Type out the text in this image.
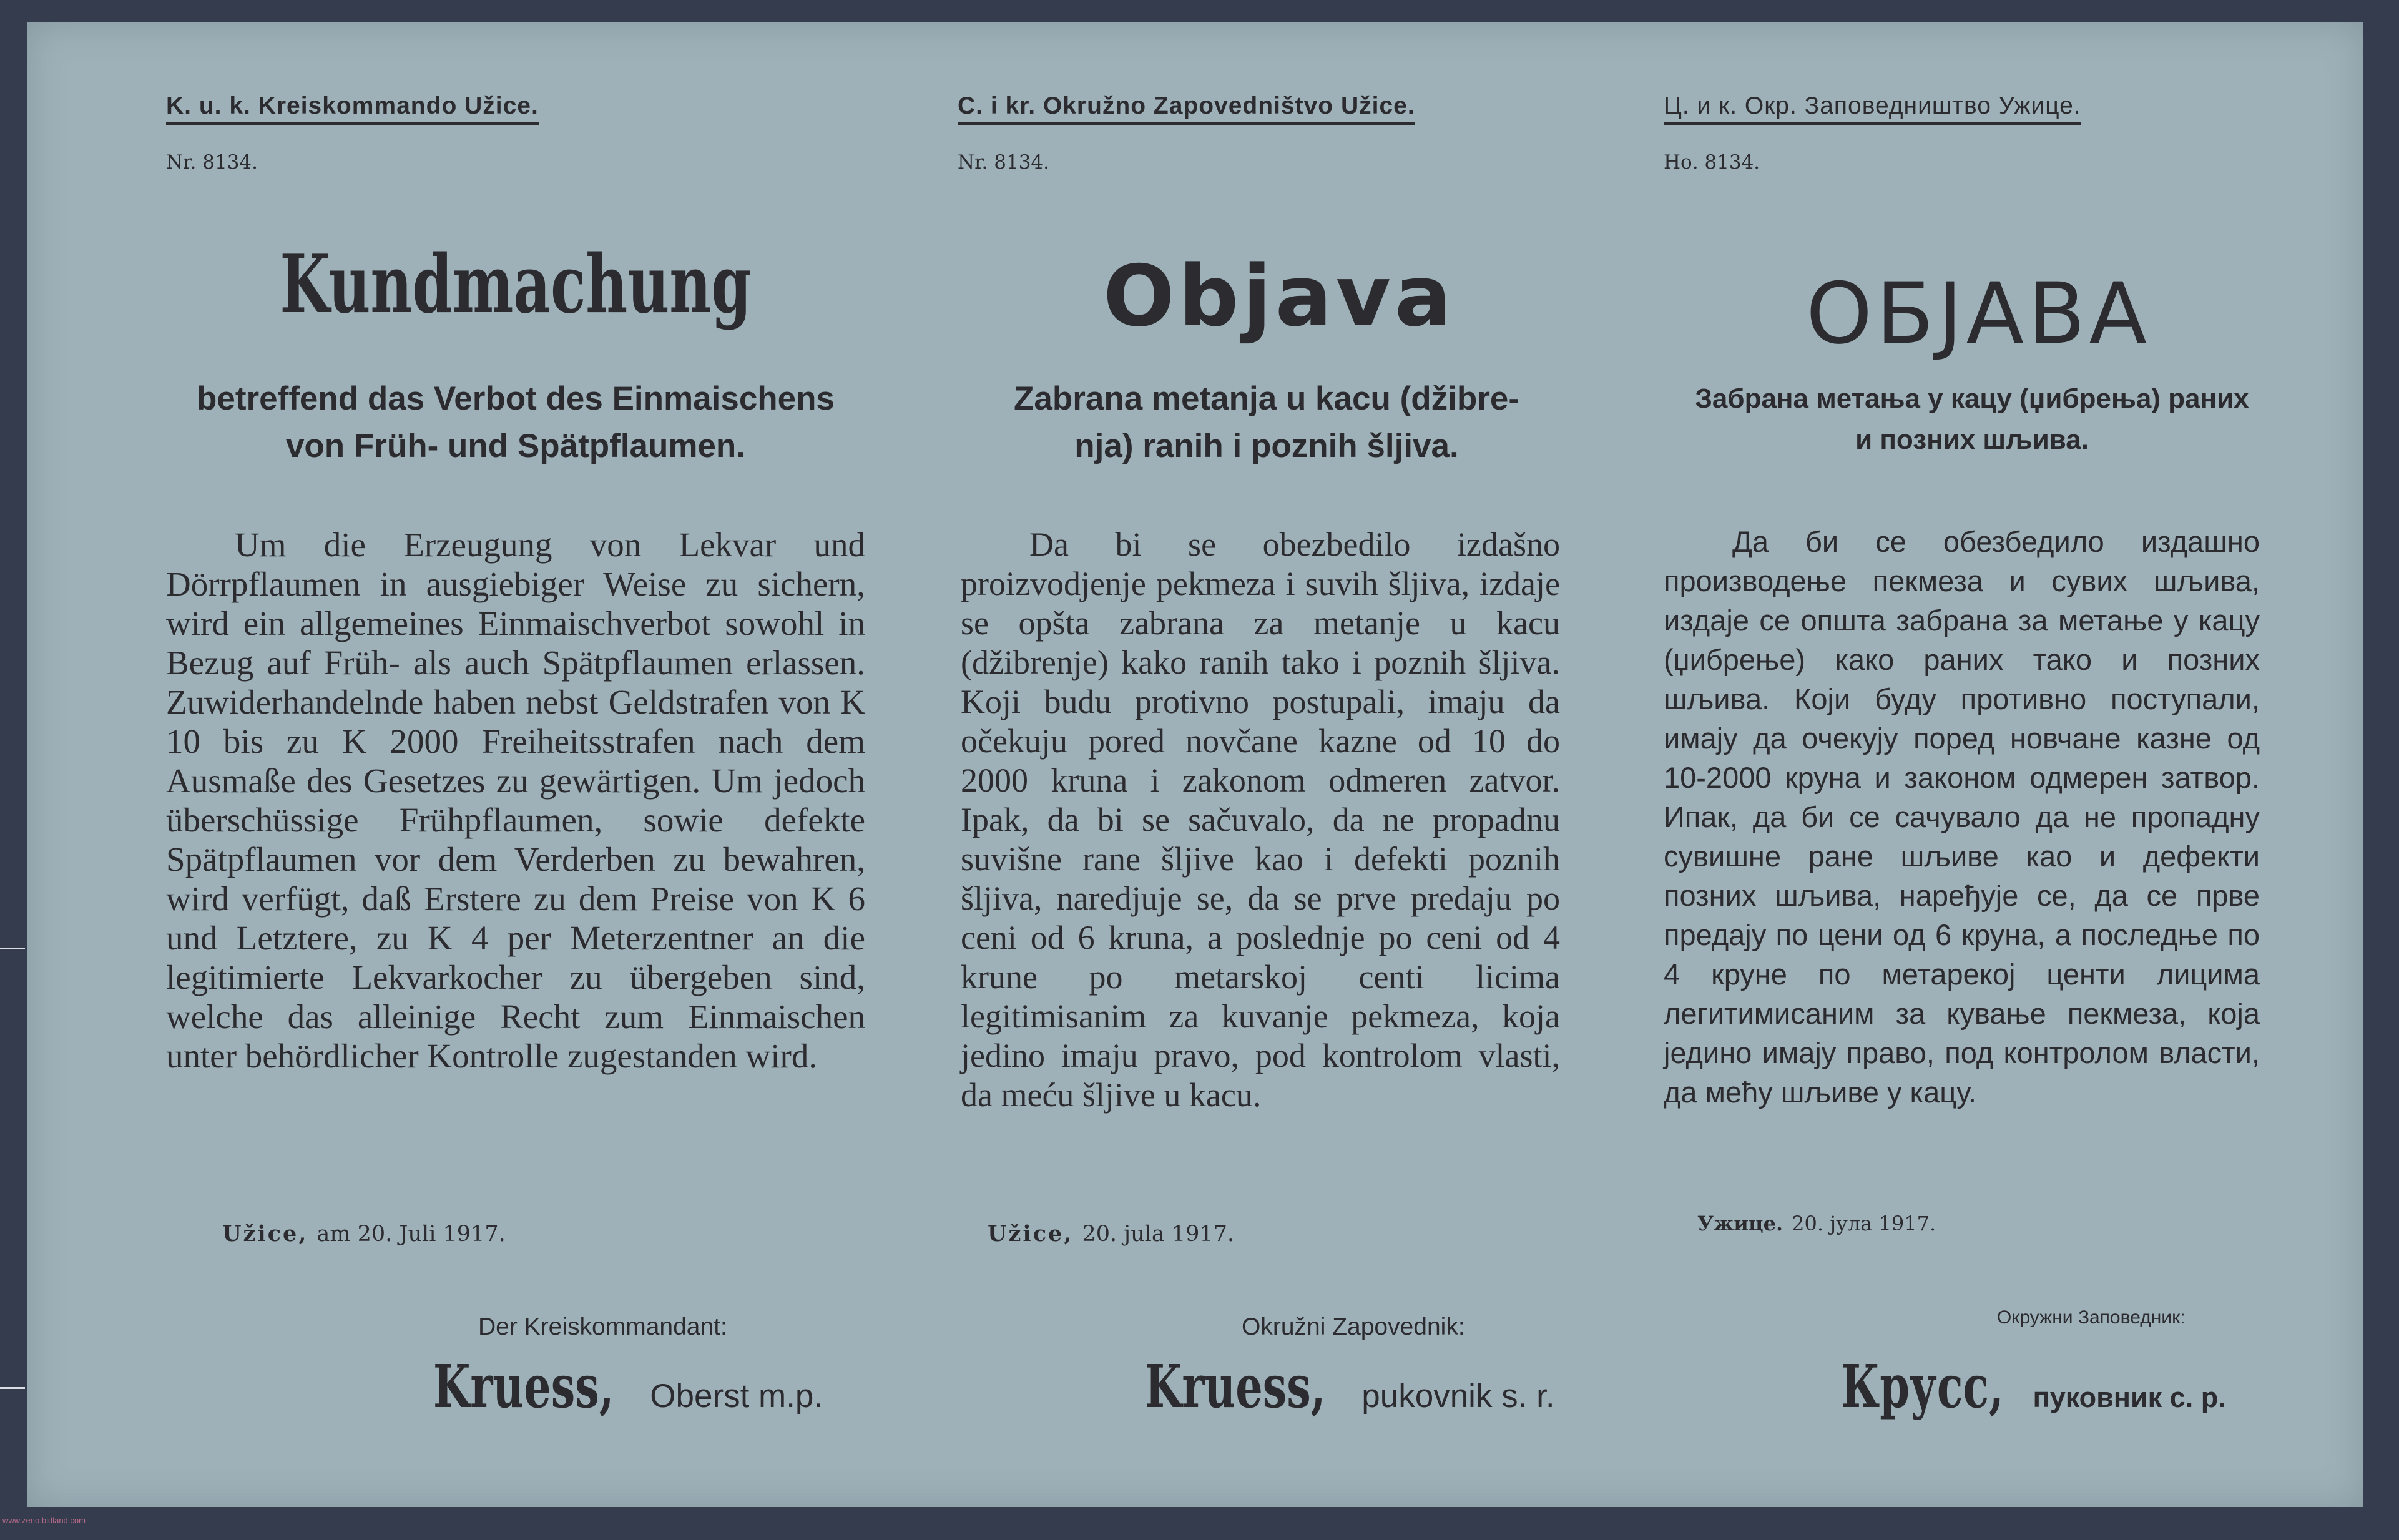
K. u. k. Kreiskommando Užice.
Nr. 8134.
Kundmachung
betreffend das Verbot des Einmaischens
von Früh- und Spätpflaumen.

Um die Erzeugung von Lekvar und Dörrpflaumen in ausgiebiger Weise zu sichern, wird ein allgemeines Einmaischverbot sowohl in Bezug auf Früh- als auch Spätpflaumen erlassen. Zuwiderhandelnde haben nebst Geldstrafen von K 10 bis zu K 2000 Freiheitsstrafen nach dem Ausmaße des Gesetzes zu gewärtigen. Um jedoch überschüssige Frühpflaumen, sowie defekte Spätpflaumen vor dem Verderben zu bewahren, wird verfügt, daß Erstere zu dem Preise von K 6 und Letztere, zu K 4 per Meterzentner an die legitimierte Lekvarkocher zu übergeben sind, welche das alleinige Recht zum Einmaischen unter behördlicher Kontrolle zugestanden wird.

Užice, am 20. Juli 1917.
Der Kreiskommandant:
Kruess, Oberst m.p.
C. i kr. Okružno Zapovedništvo Užice.
Nr. 8134.
Objava
Zabrana metanja u kacu (džibre-
nja) ranih i poznih šljiva.

Da bi se obezbedilo izdašno proizvodjenje pekmeza i suvih šljiva, izdaje se opšta zabrana za metanje u kacu (džibrenje) kako ranih tako i poznih šljiva. Koji budu protivno postupali, imaju da očekuju pored novčane kazne od 10 do 2000 kruna i zakonom odmeren zatvor. Ipak, da bi se sačuvalo, da ne propadnu suvišne rane šljive kao i defekti poznih šljiva, naredjuje se, da se prve predaju po ceni od 6 kruna, a poslednje po ceni od 4 krune po metarskoj centi licima legitimisanim za kuvanje pekmeza, koja jedino imaju pravo, pod kontrolom vlasti, da meću šljive u kacu.

Užice, 20. jula 1917.
Okružni Zapovednik:
Kruess, pukovnik s. r.
Ц. и к. Окр. Заповедништво Ужице.
Но. 8134.
ОБЈАВА
Забрана метања у кацу (џибрења) раних
и позних шљива.

Да би се обезбедило издашно производење пекмеза и сувих шљива, издаје се општа забрана за метање у кацу (џибрење) како раних тако и позних шљива. Који буду противно поступали, имају да очекују поред новчане казне од 10-2000 круна и законом одмерен затвор. Ипак, да би се сачувало да не пропадну сувишне ране шљиве као и дефекти позних шљива, наређује се, да се прве предају по цени од 6 круна, а последње по 4 круне по метарекој центи лицима легитимисаним за кување пекмеза, која једино имају право, под контролом власти, да мећу шљиве у кацу.

Ужице. 20. јула 1917.
Окружни Заповедник:
Крусс, пуковник с. р.
www.zeno.bidland.com
